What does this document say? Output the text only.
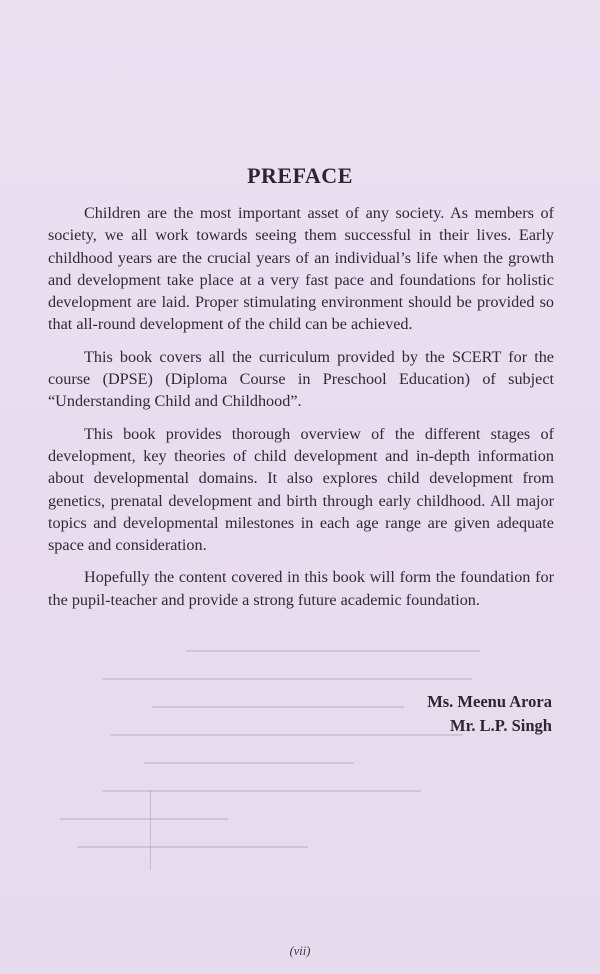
PREFACE

Children are the most important asset of any society. As members of society, we all work towards seeing them successful in their lives. Early childhood years are the crucial years of an individual’s life when the growth and development take place at a very fast pace and foundations for holistic development are laid. Proper stimulating environment should be provided so that all-round development of the child can be achieved.

This book covers all the curriculum provided by the SCERT for the course (DPSE) (Diploma Course in Preschool Education) of subject “Understanding Child and Childhood”.

This book provides thorough overview of the different stages of development, key theories of child development and in-depth information about developmental domains. It also explores child development from genetics, prenatal development and birth through early childhood. All major topics and developmental milestones in each age range are given adequate space and consideration.

Hopefully the content covered in this book will form the foundation for the pupil-teacher and provide a strong future academic foundation.

Ms. Meenu Arora
Mr. L.P. Singh
(vii)
